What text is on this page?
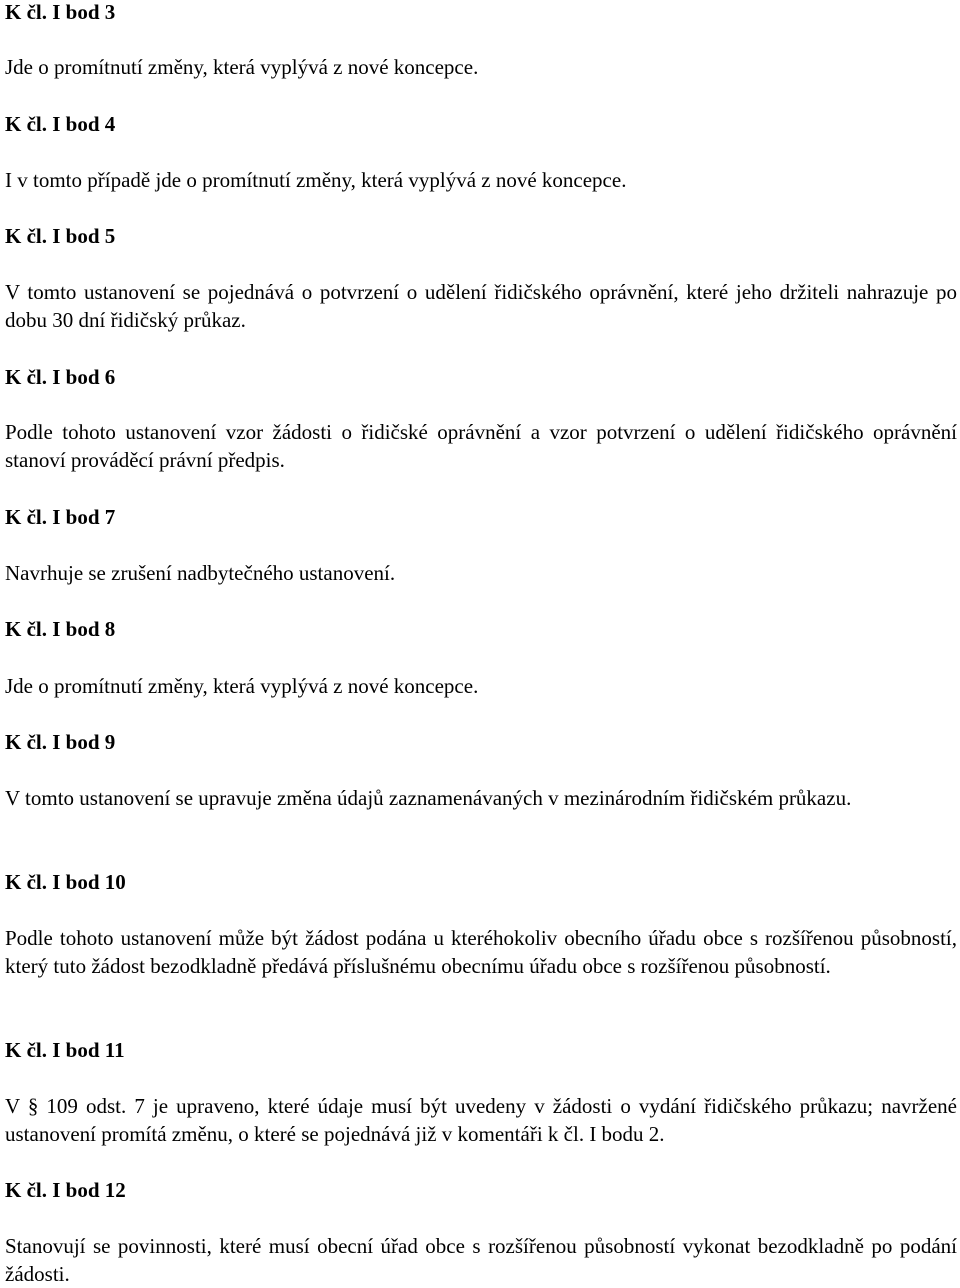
K čl. I bod 3
Jde o promítnutí změny, která vyplývá z nové koncepce.
K čl. I bod 4
I v tomto případě jde o promítnutí změny, která vyplývá z nové koncepce.
K čl. I bod 5
V tomto ustanovení se pojednává o potvrzení o udělení řidičského oprávnění, které jeho držiteli nahrazuje po dobu 30 dní řidičský průkaz.
K čl. I bod 6
Podle tohoto ustanovení vzor žádosti o řidičské oprávnění a vzor potvrzení o udělení řidičského oprávnění stanoví prováděcí právní předpis.
K čl. I bod 7
Navrhuje se zrušení nadbytečného ustanovení.
K čl. I bod 8
Jde o promítnutí změny, která vyplývá z nové koncepce.
K čl. I bod 9
V tomto ustanovení se upravuje změna údajů zaznamenávaných v mezinárodním řidičském průkazu.
K čl. I bod 10
Podle tohoto ustanovení může být žádost podána u kteréhokoliv obecního úřadu obce s rozšířenou působností, který tuto žádost bezodkladně předává příslušnému obecnímu úřadu obce s rozšířenou působností.
K čl. I bod 11
V § 109 odst. 7 je upraveno, které údaje musí být uvedeny v žádosti o vydání řidičského průkazu; navržené ustanovení promítá změnu, o které se pojednává již v komentáři k čl. I bodu 2.
K čl. I bod 12
Stanovují se povinnosti, které musí obecní úřad obce s rozšířenou působností vykonat bezodkladně po podání žádosti.
